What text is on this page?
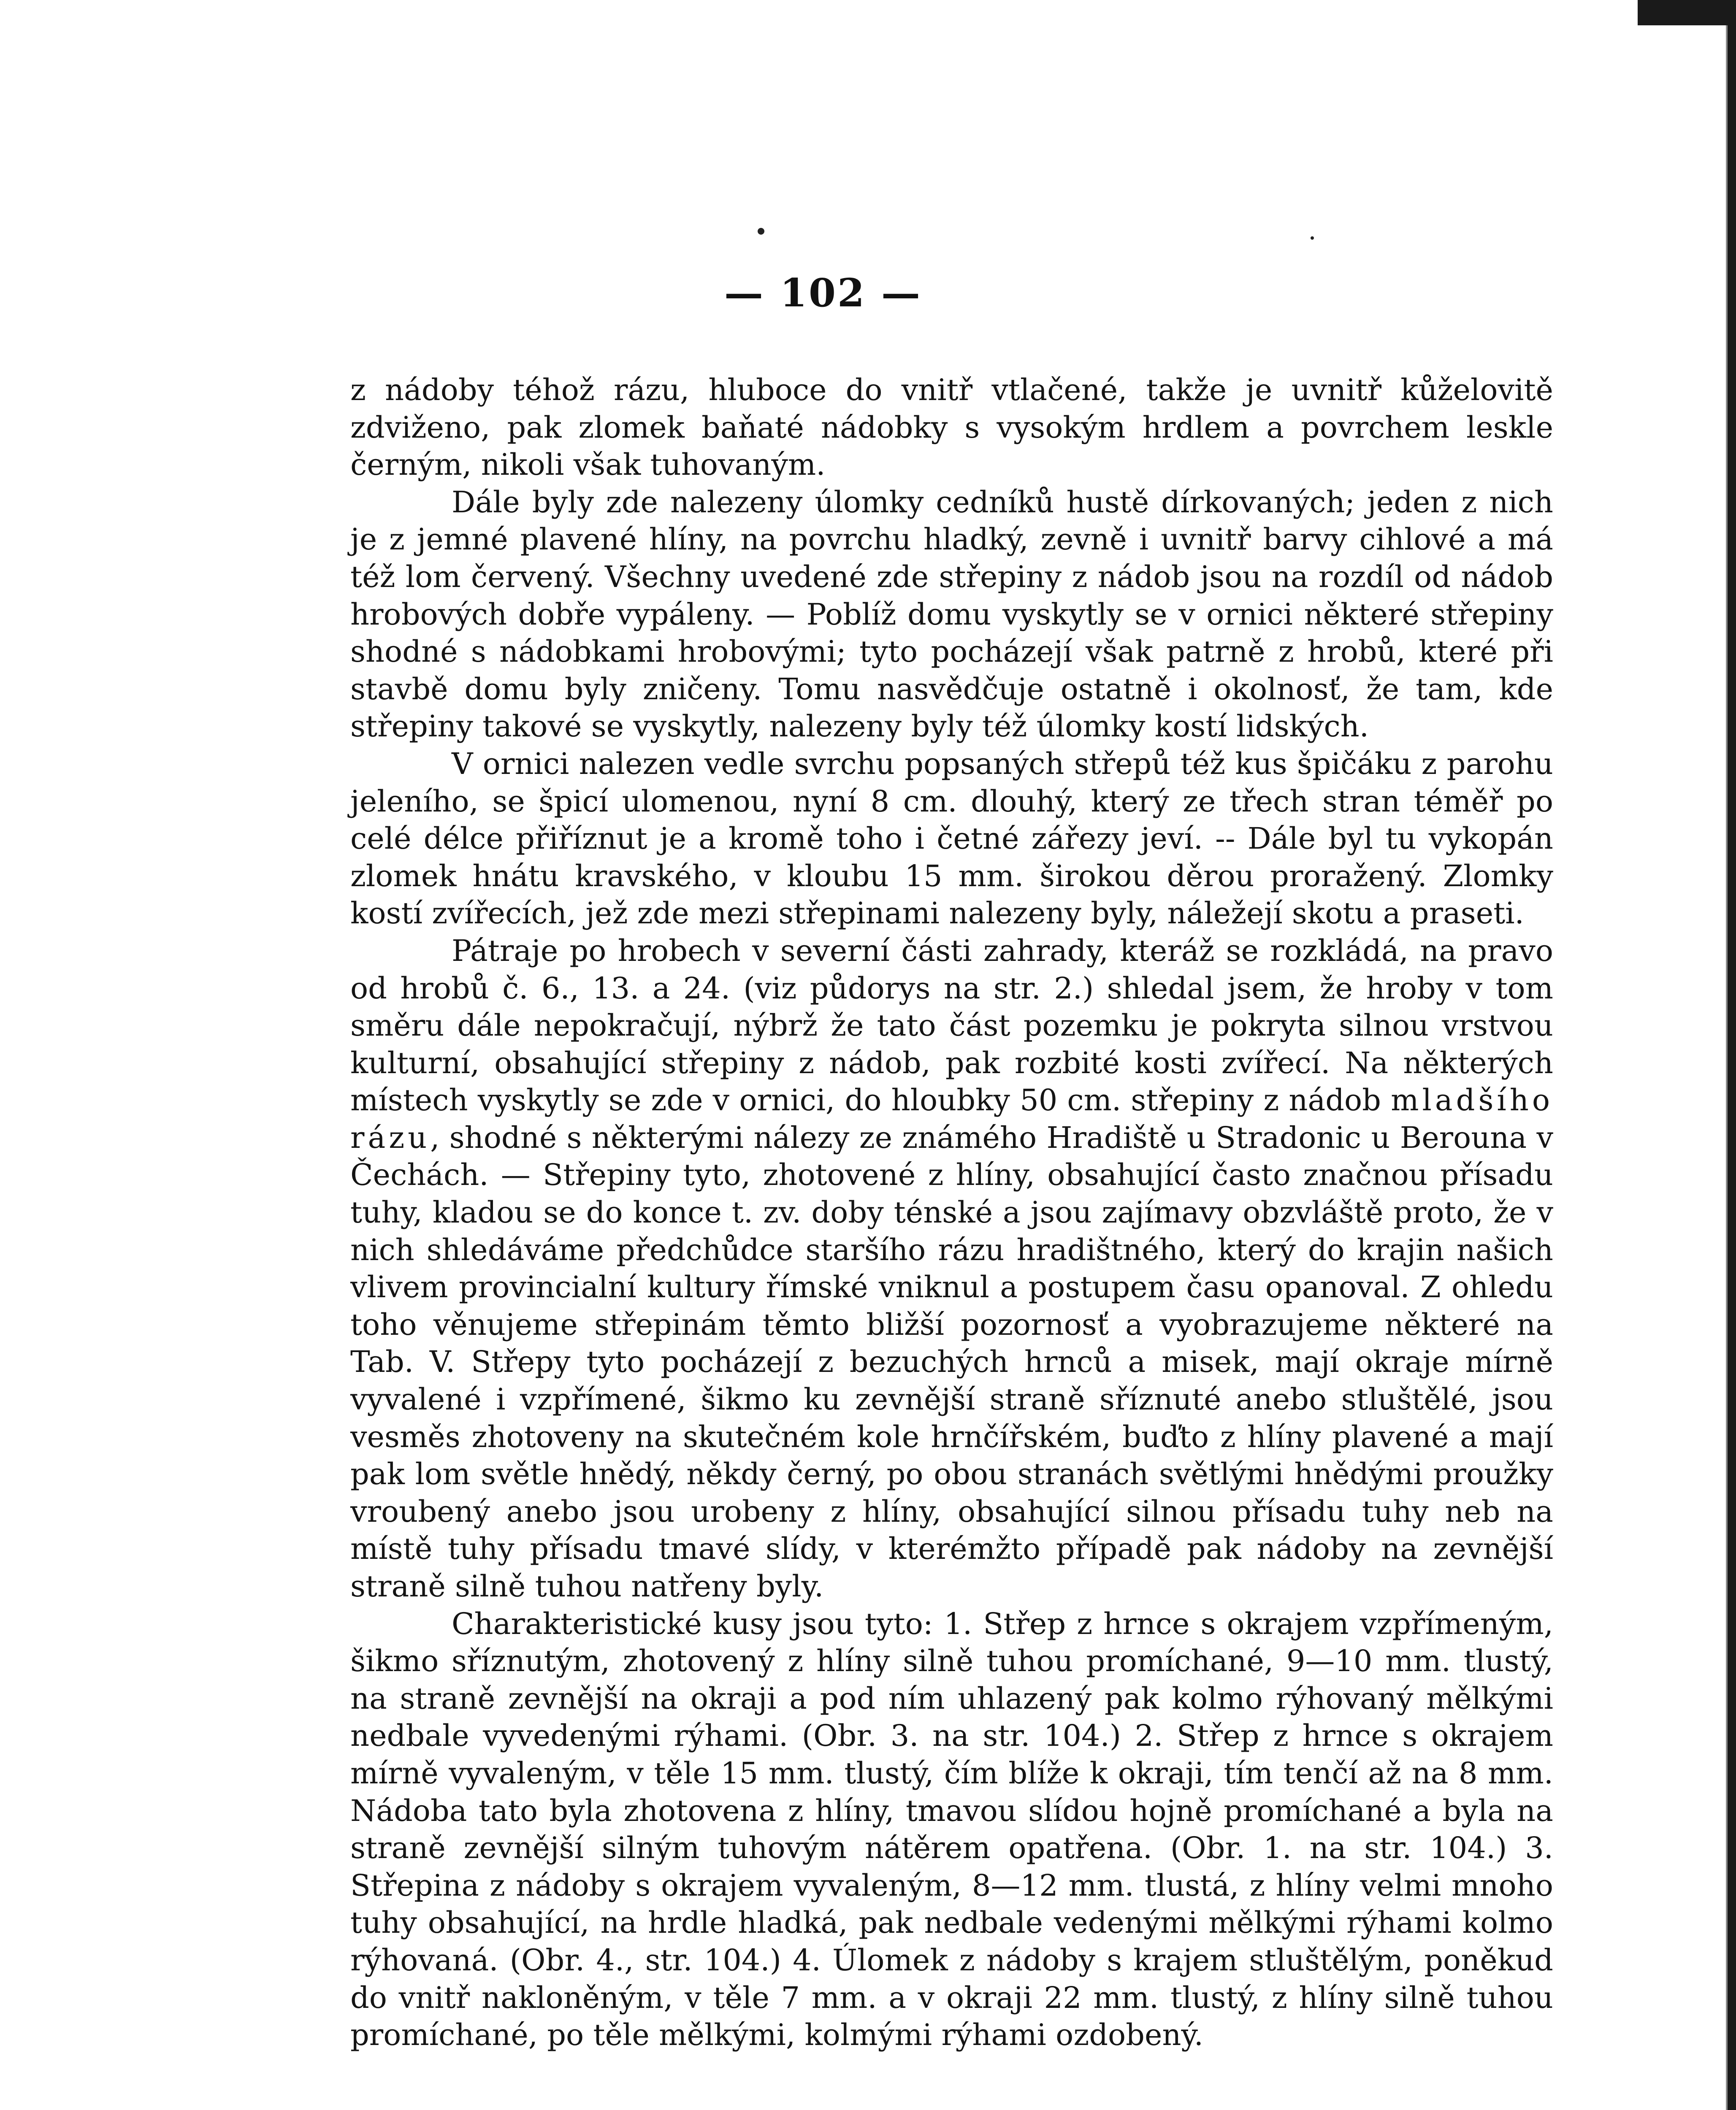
— 102 —

z nádoby téhož rázu, hluboce do vnitř vtlačené, takže je uvnitř kůželovitě zdviženo, pak zlomek baňaté nádobky s vysokým hrdlem a povrchem leskle černým, nikoli však tuhovaným.

Dále byly zde nalezeny úlomky cedníků hustě dírkovaných; jeden z nich je z jemné plavené hlíny, na povrchu hladký, zevně i uvnitř barvy cihlové a má též lom červený. Všechny uvedené zde střepiny z nádob jsou na rozdíl od nádob hrobových dobře vypáleny. — Poblíž domu vyskytly se v ornici některé střepiny shodné s nádobkami hrobovými; tyto pocházejí však patrně z hrobů, které při stavbě domu byly zničeny. Tomu nasvědčuje ostatně i okolnosť, že tam, kde střepiny takové se vyskytly, nalezeny byly též úlomky kostí lidských.

V ornici nalezen vedle svrchu popsaných střepů též kus špičáku z parohu jeleního, se špicí ulomenou, nyní 8 cm. dlouhý, který ze třech stran téměř po celé délce přiříznut je a kromě toho i četné zářezy jeví. -- Dále byl tu vykopán zlomek hnátu kravského, v kloubu 15 mm. širokou děrou proražený. Zlomky kostí zvířecích, jež zde mezi střepinami nalezeny byly, náležejí skotu a praseti.

Pátraje po hrobech v severní části zahrady, kteráž se rozkládá, na pravo od hrobů č. 6., 13. a 24. (viz půdorys na str. 2.) shledal jsem, že hroby v tom směru dále nepokračují, nýbrž že tato část pozemku je pokryta silnou vrstvou kulturní, obsahující střepiny z nádob, pak rozbité kosti zvířecí. Na některých místech vyskytly se zde v ornici, do hloubky 50 cm. střepiny z nádob mladšího rázu, shodné s některými nálezy ze známého Hradiště u Stradonic u Berouna v Čechách. — Střepiny tyto, zhotovené z hlíny, obsahující často značnou přísadu tuhy, kladou se do konce t. zv. doby ténské a jsou zajímavy obzvláště proto, že v nich shledáváme předchůdce staršího rázu hradištného, který do krajin našich vlivem provincialní kultury římské vniknul a postupem času opanoval. Z ohledu toho věnujeme střepinám těmto bližší pozornosť a vyobrazujeme některé na Tab. V. Střepy tyto pocházejí z bezuchých hrnců a misek, mají okraje mírně vyvalené i vzpřímené, šikmo ku zevnější straně sříznuté anebo stluštělé, jsou vesměs zhotoveny na skutečném kole hrnčířském, buďto z hlíny plavené a mají pak lom světle hnědý, někdy černý, po obou stranách světlými hnědými proužky vroubený anebo jsou urobeny z hlíny, obsahující silnou přísadu tuhy neb na místě tuhy přísadu tmavé slídy, v kterémžto případě pak nádoby na zevnější straně silně tuhou natřeny byly.

Charakteristické kusy jsou tyto: 1. Střep z hrnce s okrajem vzpřímeným, šikmo sříznutým, zhotovený z hlíny silně tuhou promíchané, 9—10 mm. tlustý, na straně zevnější na okraji a pod ním uhlazený pak kolmo rýhovaný mělkými nedbale vyvedenými rýhami. (Obr. 3. na str. 104.) 2. Střep z hrnce s okrajem mírně vyvaleným, v těle 15 mm. tlustý, čím blíže k okraji, tím tenčí až na 8 mm. Nádoba tato byla zhotovena z hlíny, tmavou slídou hojně promíchané a byla na straně zevnější silným tuhovým nátěrem opatřena. (Obr. 1. na str. 104.) 3. Střepina z nádoby s okrajem vyvaleným, 8—12 mm. tlustá, z hlíny velmi mnoho tuhy obsahující, na hrdle hladká, pak nedbale vedenými mělkými rýhami kolmo rýhovaná. (Obr. 4., str. 104.) 4. Úlomek z nádoby s krajem stluštělým, poněkud do vnitř nakloněným, v těle 7 mm. a v okraji 22 mm. tlustý, z hlíny silně tuhou promíchané, po těle mělkými, kolmými rýhami ozdobený.
